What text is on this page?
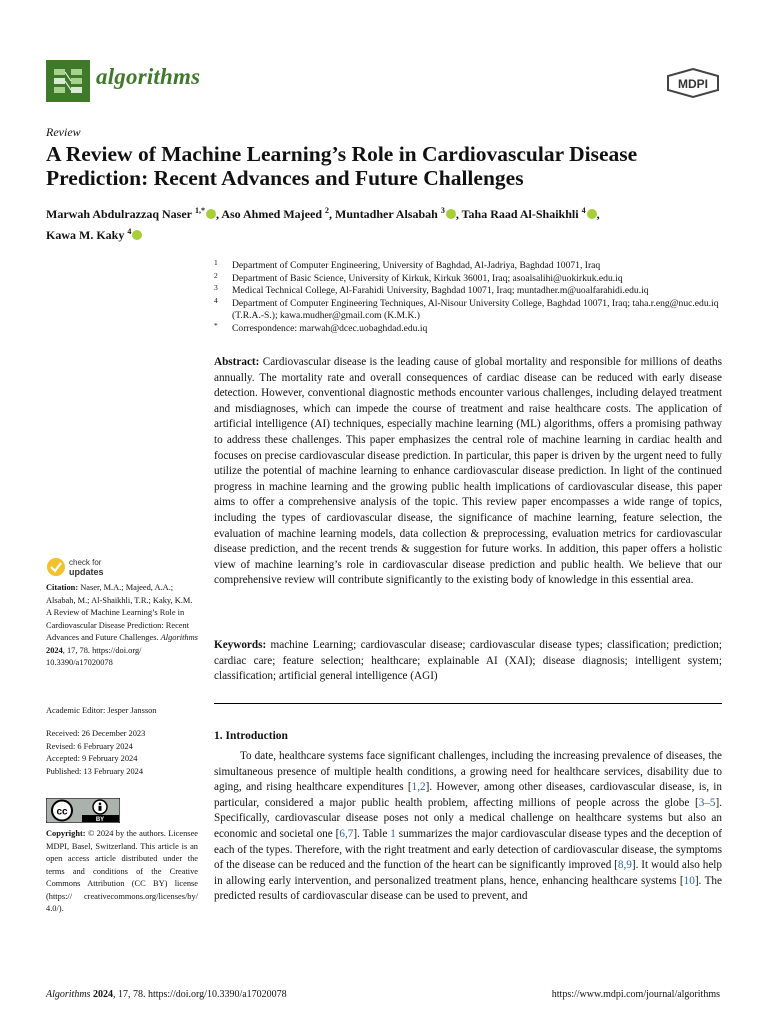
algorithms	MDPI
Review
A Review of Machine Learning’s Role in Cardiovascular Disease
Prediction: Recent Advances and Future Challenges
Marwah Abdulrazzaq Naser $^{1,*}$ , Aso Ahmed Majeed $^2$, Muntadher Alsabah $^3$ , Taha Raad Al-Shaikhli $^4$ ,
Kawa M. Kaky $^4$
1 Department of Computer Engineering, University of Baghdad, Al-Jadriya, Baghdad 10071, Iraq
2 Department of Basic Science, University of Kirkuk, Kirkuk 36001, Iraq; asoalsalihi@uokirkuk.edu.iq
3 Medical Technical College, Al-Farahidi University, Baghdad 10071, Iraq; muntadher.m@uoalfarahidi.edu.iq
4 Department of Computer Engineering Techniques, Al-Nisour University College, Baghdad 10071, Iraq; taha.r.eng@nuc.edu.iq (T.R.A.-S.); kawa.mudher@gmail.com (K.M.K.)
* Correspondence: marwah@dcec.uobaghdad.edu.iq
Abstract: Cardiovascular disease is the leading cause of global mortality and responsible for millions of deaths annually. The mortality rate and overall consequences of cardiac disease can be reduced with early disease detection. However, conventional diagnostic methods encounter various challenges, including delayed treatment and misdiagnoses, which can impede the course of treatment and raise healthcare costs. The application of artificial intelligence (AI) techniques, especially machine learning (ML) algorithms, offers a promising pathway to address these challenges. This paper emphasizes the central role of machine learning in cardiac health and focuses on precise cardiovascular disease prediction. In particular, this paper is driven by the urgent need to fully utilize the potential of machine learning to enhance cardiovascular disease prediction. In light of the continued progress in machine learning and the growing public health implications of cardiovascular disease, this paper aims to offer a comprehensive analysis of the topic. This review paper encompasses a wide range of topics, including the types of cardiovascular disease, the significance of machine learning, feature selection, the evaluation of machine learning models, data collection & preprocessing, evaluation metrics for cardiovascular disease prediction, and the recent trends & suggestion for future works. In addition, this paper offers a holistic view of machine learning’s role in cardiovascular disease prediction and public health. We believe that our comprehensive review will contribute significantly to the existing body of knowledge in this essential area.
Keywords: machine Learning; cardiovascular disease; cardiovascular disease types; classification; prediction; cardiac care; feature selection; healthcare; explainable AI (XAI); disease diagnosis; intelligent system; classification; artificial general intelligence (AGI)
1. Introduction
To date, healthcare systems face significant challenges, including the increasing prevalence of diseases, the simultaneous presence of multiple health conditions, a growing need for healthcare services, disability due to aging, and rising healthcare expenditures [1,2]. However, among other diseases, cardiovascular disease, is, in particular, considered a major public health problem, affecting millions of people across the globe [3–5]. Specifically, cardiovascular disease poses not only a medical challenge on healthcare systems but also an economic and societal one [6,7]. Table 1 summarizes the major cardiovascular disease types and the deception of each of the types. Therefore, with the right treatment and early detection of cardiovascular disease, the symptoms of the disease can be reduced and the function of the heart can be significantly improved [8,9]. It would also help in allowing early intervention, and personalized treatment plans, hence, enhancing healthcare systems [10]. The predicted results of cardiovascular disease can be used to prevent, and
check for
updates
Citation: Naser, M.A.; Majeed, A.A.; Alsabah, M.; Al-Shaikhli, T.R.; Kaky, K.M. A Review of Machine Learning’s Role in Cardiovascular Disease Prediction: Recent Advances and Future Challenges. Algorithms 2024, 17, 78. https://doi.org/ 10.3390/a17020078
Academic Editor: Jesper Jansson
Received: 26 December 2023
Revised: 6 February 2024
Accepted: 9 February 2024
Published: 13 February 2024
cc
BY
Copyright: © 2024 by the authors. Licensee MDPI, Basel, Switzerland. This article is an open access article distributed under the terms and conditions of the Creative Commons Attribution (CC BY) license (https:// creativecommons.org/licenses/by/ 4.0/).
Algorithms 2024, 17, 78. https://doi.org/10.3390/a17020078	https://www.mdpi.com/journal/algorithms
